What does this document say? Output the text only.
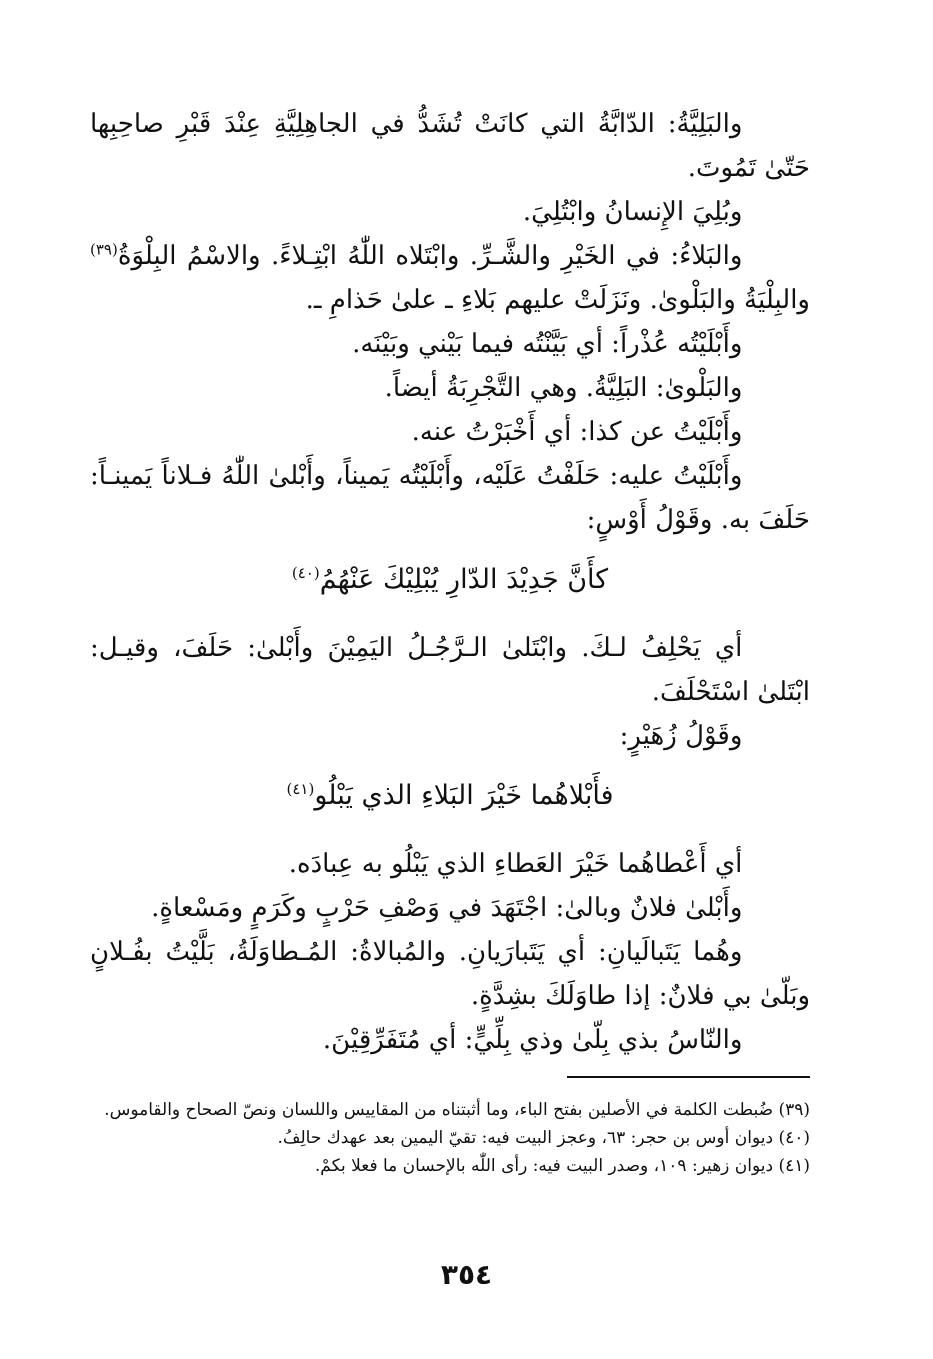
والبَلِيَّةُ: الدّابَّةُ التي كانَتْ تُشَدُّ في الجاهِلِيَّةِ عِنْدَ قَبْرِ صاحِبِها حَتّىٰ تَمُوتَ.

وبُلِيَ الإِنسانُ وابْتُلِيَ.

والبَلاءُ: في الخَيْرِ والشَّـرِّ. وابْتَلاه اللّٰهُ ابْتِـلاءً. والاسْمُ البِلْوَةُ$^{(٣٩)}$ والبِلْيَةُ والبَلْوىٰ. ونَزَلَتْ عليهم بَلاءِ ـ علىٰ حَذامِ ـ.

وأَبْلَيْتُه عُذْراً: أي بَيَّنْتُه فيما بَيْني وبَيْنَه.

والبَلْوىٰ: البَلِيَّةُ. وهي التَّجْرِبَةُ أيضاً.

وأَبْلَيْتُ عن كذا: أي أَخْبَرْتُ عنه.

وأَبْلَيْتُ عليه: حَلَفْتُ عَلَيْه، وأَبْلَيْتُه يَميناً، وأَبْلىٰ اللّٰهُ فـلاناً يَمينـاً: حَلَفَ به. وقَوْلُ أَوْسٍ:

كأَنَّ جَدِيْدَ الدّارِ يُبْلِيْكَ عَنْهُمُ$^{(٤٠)}$

أي يَحْلِفُ لـكَ. وابْتَلىٰ الـرَّجُـلُ اليَمِيْنَ وأَبْلىٰ: حَلَفَ، وقيـل: ابْتَلىٰ اسْتَحْلَفَ.

وقَوْلُ زُهَيْرٍ:

فأَبْلاهُما خَيْرَ البَلاءِ الذي يَبْلُو$^{(٤١)}$

أي أَعْطاهُما خَيْرَ العَطاءِ الذي يَبْلُو به عِبادَه.

وأَبْلىٰ فلانٌ وبالىٰ: اجْتَهَدَ في وَصْفِ حَرْبٍ وكَرَمٍ ومَسْعاةٍ.

وهُما يَتَبالَيانِ: أي يَتَبارَيانِ. والمُبالاةُ: المُـطاوَلَةُ، بَلَّيْتُ بفُـلانٍ وبَلّىٰ بي فلانٌ: إذا طاوَلَكَ بشِدَّةٍ.

والنّاسُ بذي بِلّىٰ وذي بِلِّيٍّ: أي مُتَفَرِّقِيْنَ.

(٣٩) ضُبطت الكلمة في الأصلين بفتح الباء، وما أثبتناه من المقاييس واللسان ونصّ الصحاح والقاموس.

(٤٠) ديوان أوس بن حجر: ٦٣، وعجز البيت فيه: تقيّ اليمين بعد عهدك حالِفُ.

(٤١) ديوان زهير: ١٠٩، وصدر البيت فيه: رأى اللّٰه بالإحسان ما فعلا بكمْ.

٣٥٤
